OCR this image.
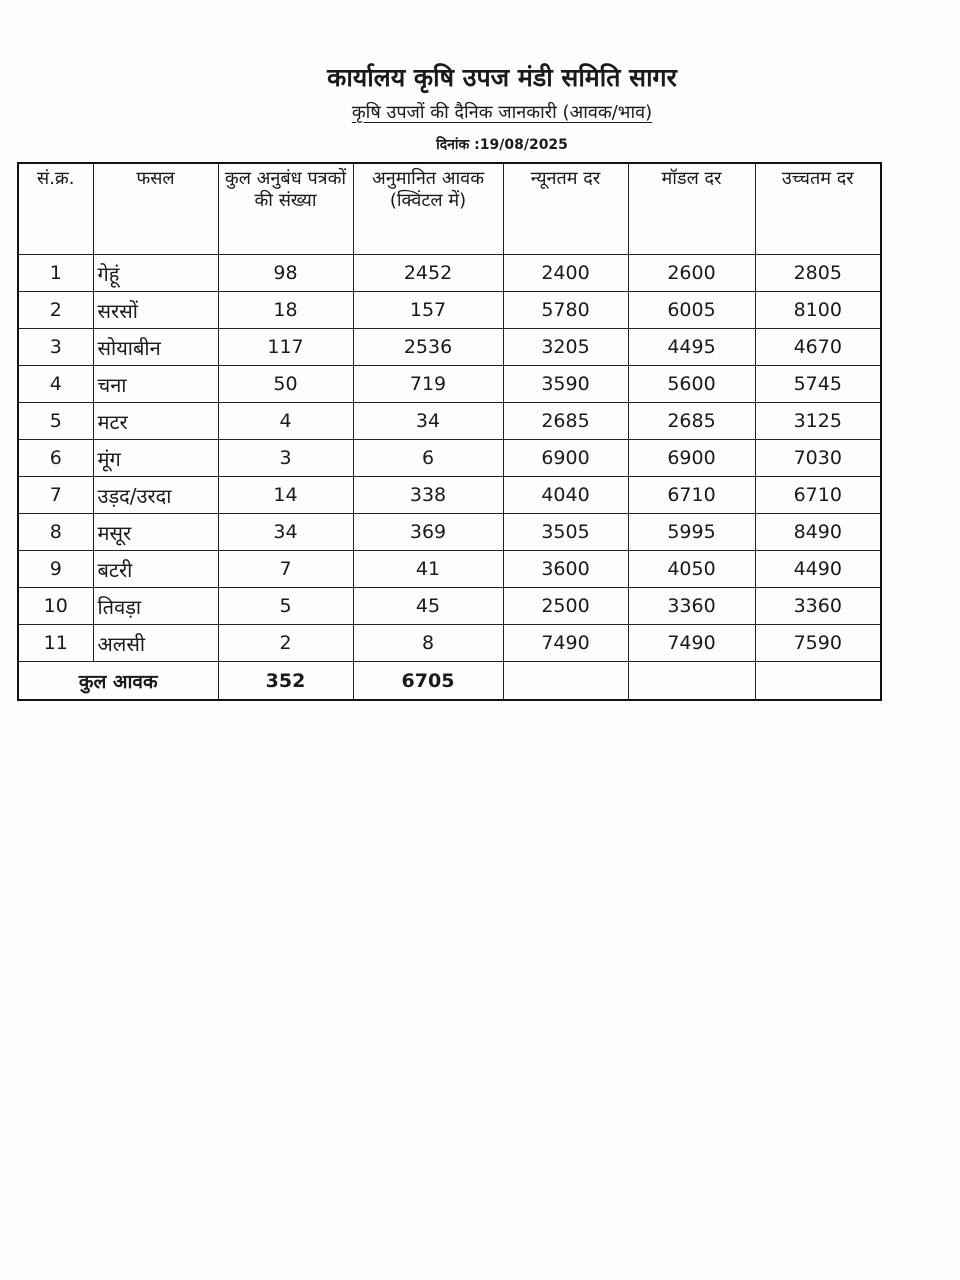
कार्यालय कृषि उपज मंडी समिति सागर
कृषि उपजों की दैनिक जानकारी (आवक/भाव)
दिनांक :19/08/2025
सं.क्र.	फसल	कुल अनुबंध पत्रकों की संख्या	अनुमानित आवक (क्विंटल में)	न्यूनतम दर	मॉडल दर	उच्चतम दर
1	गेहूं	98	2452	2400	2600	2805
2	सरसों	18	157	5780	6005	8100
3	सोयाबीन	117	2536	3205	4495	4670
4	चना	50	719	3590	5600	5745
5	मटर	4	34	2685	2685	3125
6	मूंग	3	6	6900	6900	7030
7	उड़द/उरदा	14	338	4040	6710	6710
8	मसूर	34	369	3505	5995	8490
9	बटरी	7	41	3600	4050	4490
10	तिवड़ा	5	45	2500	3360	3360
11	अलसी	2	8	7490	7490	7590
कुल आवक		352	6705			
